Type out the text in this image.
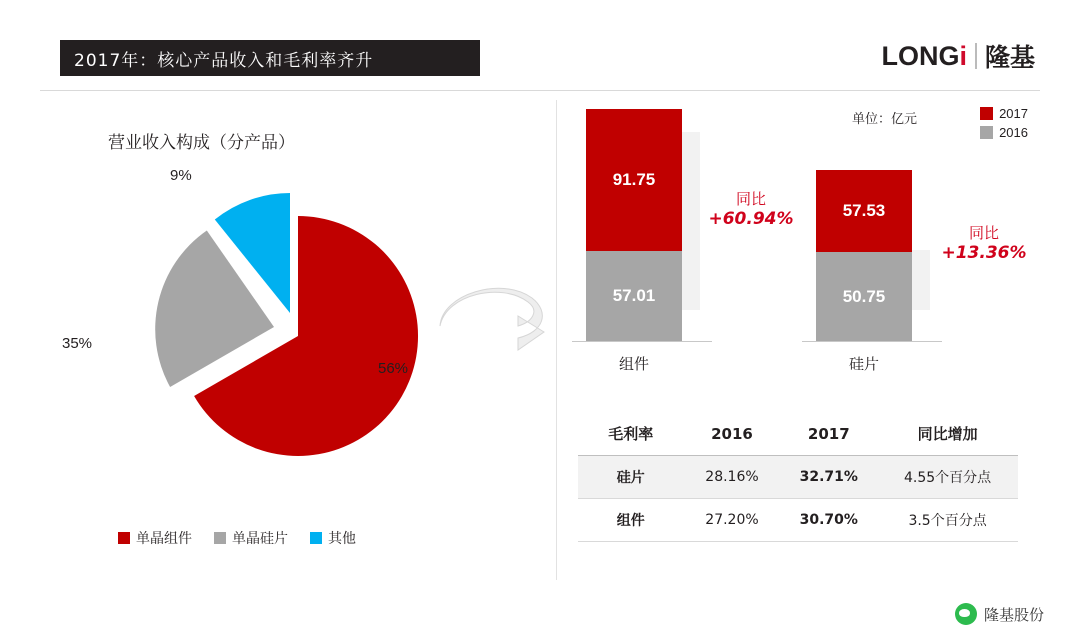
2017年：核心产品收入和毛利率齐升	LONGi 隆基
营业收入构成（分产品）
56%
35%
9%
单晶组件	单晶硅片	其他
单位：亿元	2017
2016
91.75
57.01
组件
同比
+60.94%	57.53
50.75
硅片
同比
+13.36%
毛利率	2016	2017	同比增加
硅片	28.16%	32.71%	4.55个百分点
组件	27.20%	30.70%	3.5个百分点
隆基股份
